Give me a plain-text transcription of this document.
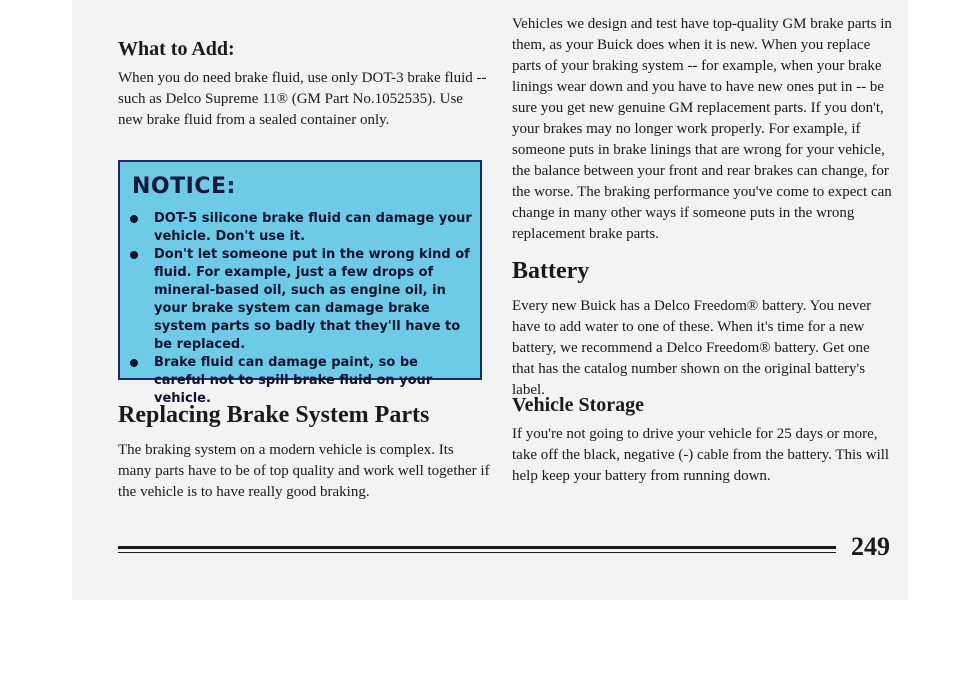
What to Add:

When you do need brake fluid, use only DOT-3 brake fluid -- such as Delco Supreme 11® (GM Part No.1052535). Use new brake fluid from a sealed container only.

NOTICE:
DOT-5 silicone brake fluid can damage your vehicle. Don't use it.
Don't let someone put in the wrong kind of fluid. For example, just a few drops of mineral-based oil, such as engine oil, in your brake system can damage brake system parts so badly that they'll have to be replaced.
Brake fluid can damage paint, so be careful not to spill brake fluid on your vehicle.
Replacing Brake System Parts

The braking system on a modern vehicle is complex. Its many parts have to be of top quality and work well together if the vehicle is to have really good braking.

Vehicles we design and test have top-quality GM brake parts in them, as your Buick does when it is new. When you replace parts of your braking system -- for example, when your brake linings wear down and you have to have new ones put in -- be sure you get new genuine GM replacement parts. If you don't, your brakes may no longer work properly. For example, if someone puts in brake linings that are wrong for your vehicle, the balance between your front and rear brakes can change, for the worse. The braking performance you've come to expect can change in many other ways if someone puts in the wrong replacement brake parts.

Battery

Every new Buick has a Delco Freedom® battery. You never have to add water to one of these. When it's time for a new battery, we recommend a Delco Freedom® battery. Get one that has the catalog number shown on the original battery's label.

Vehicle Storage

If you're not going to drive your vehicle for 25 days or more, take off the black, negative (-) cable from the battery. This will help keep your battery from running down.

249
